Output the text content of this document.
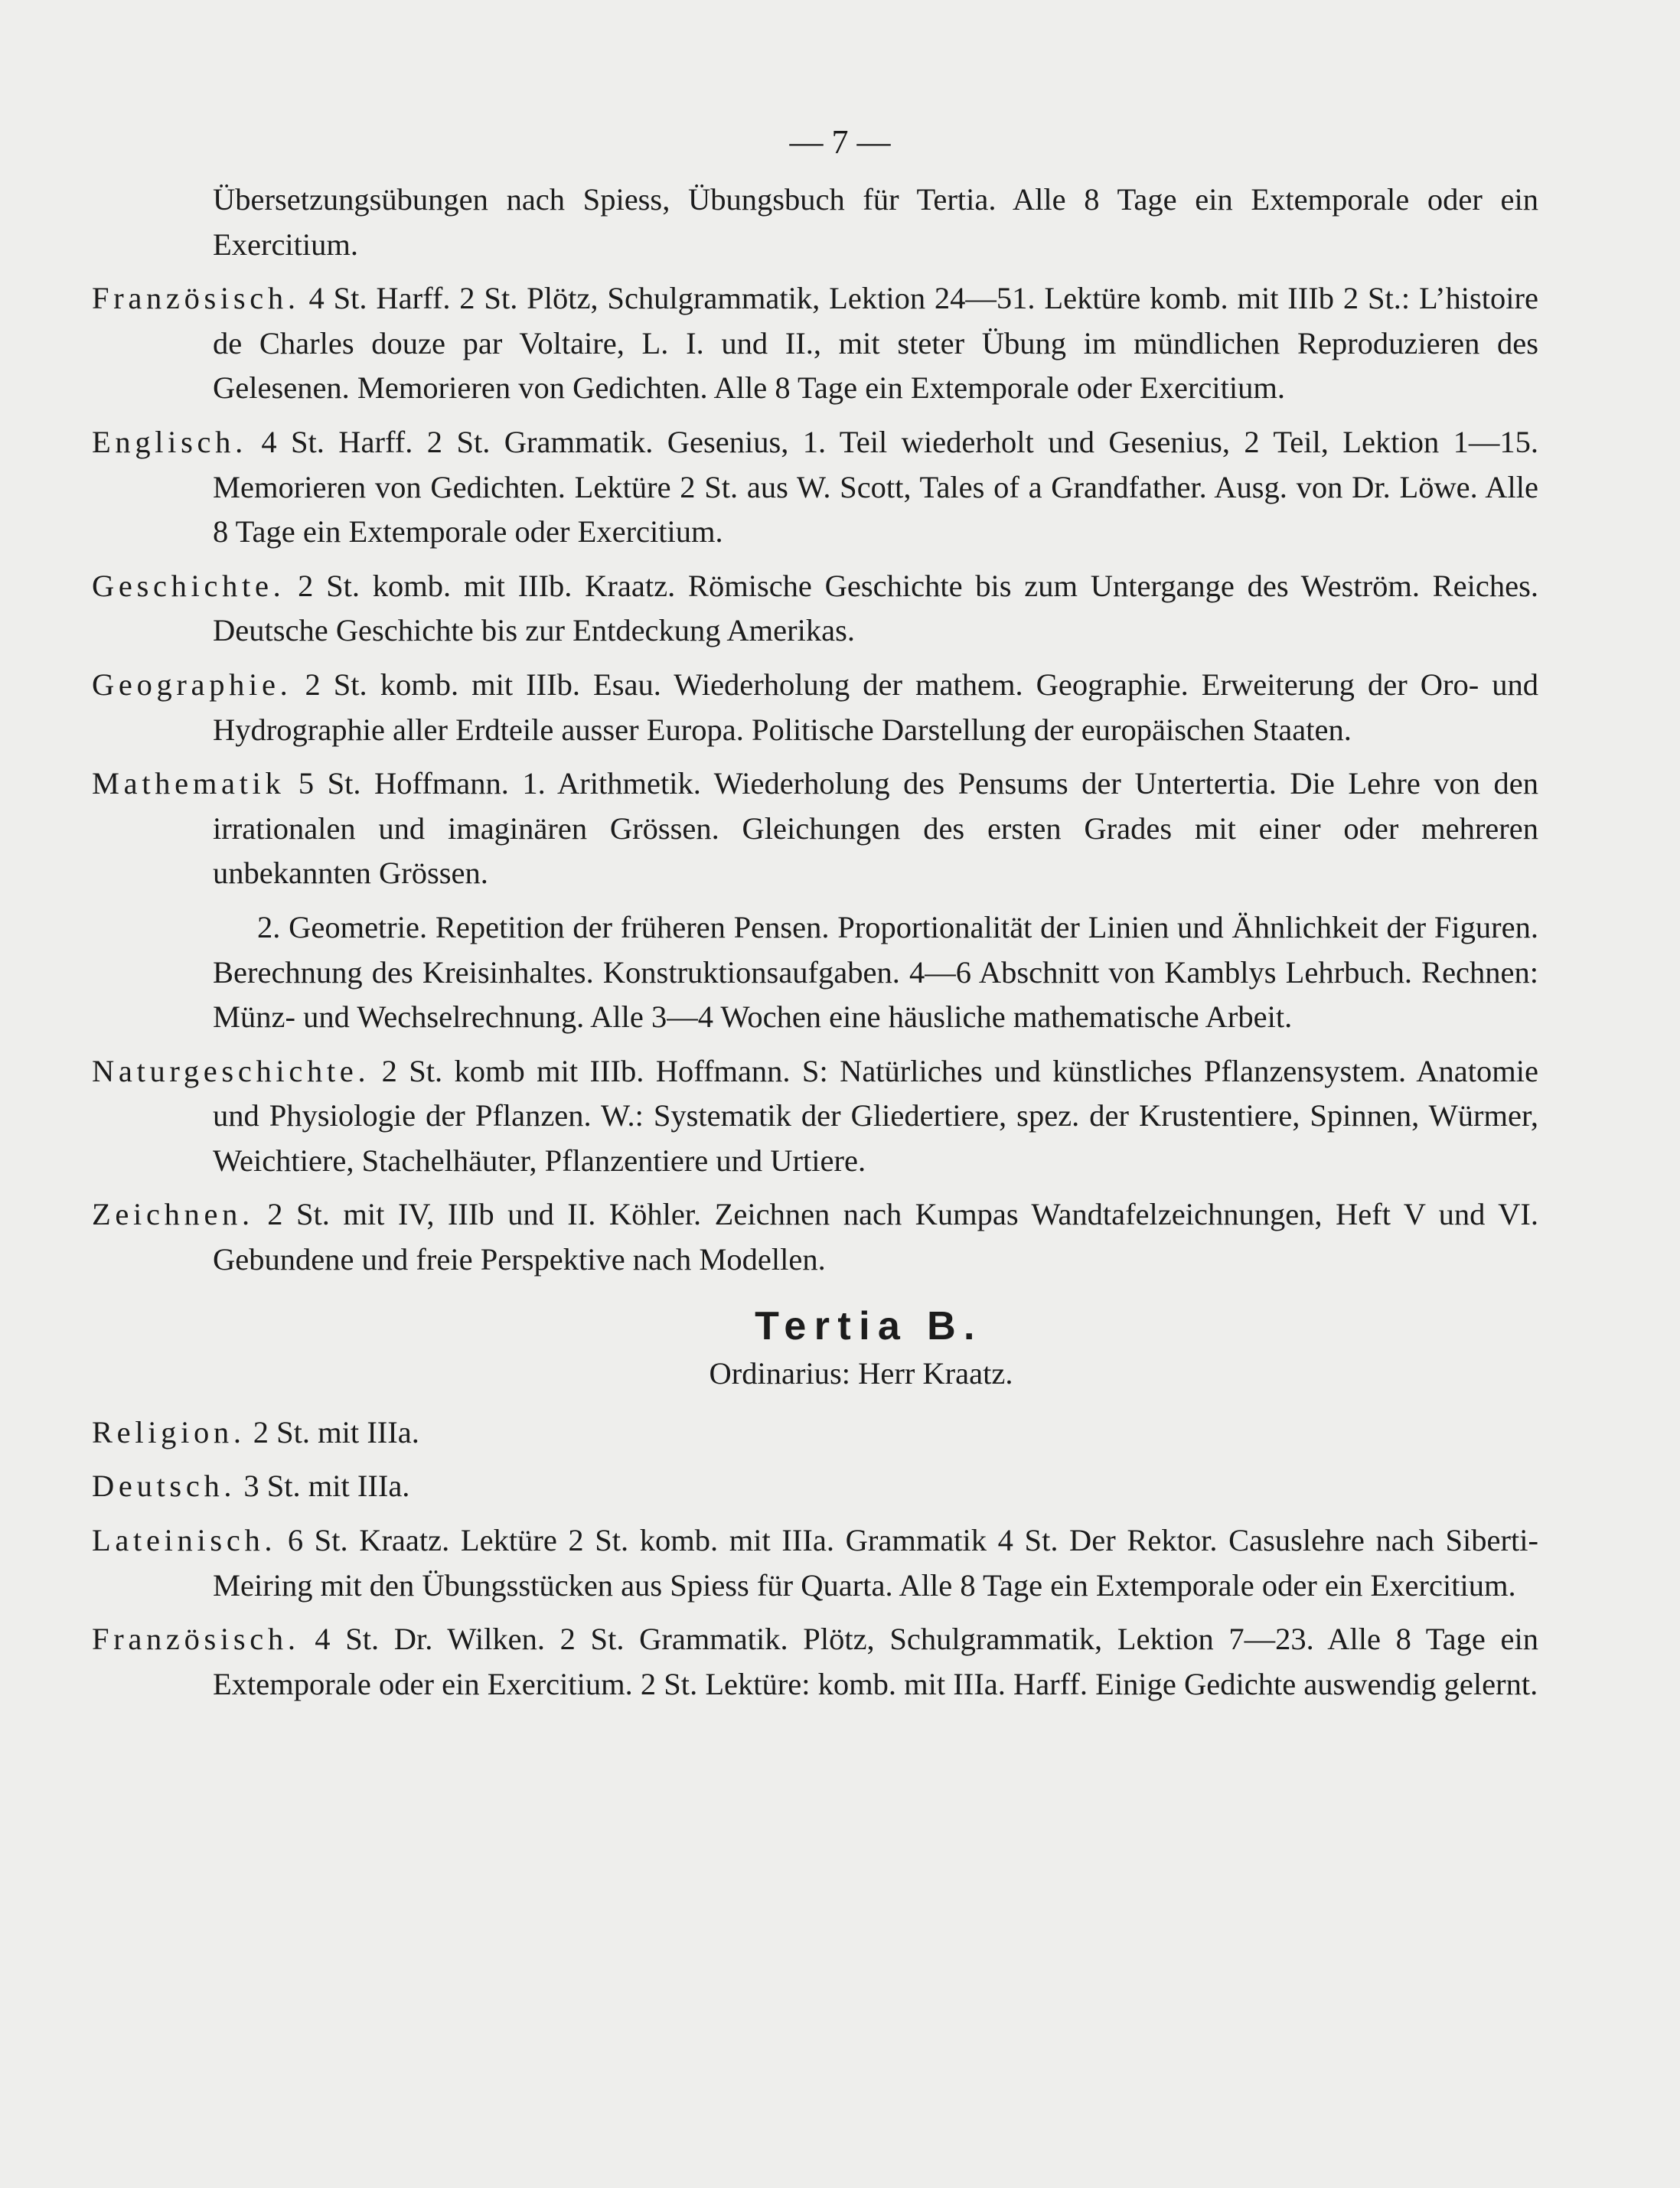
— 7 —

Übersetzungsübungen nach Spiess, Übungsbuch für Tertia. Alle 8 Tage ein Extemporale oder ein Exercitium.

Französisch. 4 St. Harff. 2 St. Plötz, Schulgrammatik, Lektion 24—51. Lektüre komb. mit IIIb 2 St.: L’histoire de Charles douze par Voltaire, L. I. und II., mit steter Übung im mündlichen Reproduzieren des Gelesenen. Memorieren von Gedichten. Alle 8 Tage ein Extemporale oder Exercitium.

Englisch. 4 St. Harff. 2 St. Grammatik. Gesenius, 1. Teil wiederholt und Gesenius, 2 Teil, Lektion 1—15. Memorieren von Gedichten. Lektüre 2 St. aus W. Scott, Tales of a Grandfather. Ausg. von Dr. Löwe. Alle 8 Tage ein Extemporale oder Exercitium.

Geschichte. 2 St. komb. mit IIIb. Kraatz. Römische Geschichte bis zum Untergange des Weström. Reiches. Deutsche Geschichte bis zur Entdeckung Amerikas.

Geographie. 2 St. komb. mit IIIb. Esau. Wiederholung der mathem. Geographie. Erweiterung der Oro- und Hydrographie aller Erdteile ausser Europa. Politische Darstellung der europäischen Staaten.

Mathematik 5 St. Hoffmann. 1. Arithmetik. Wiederholung des Pensums der Untertertia. Die Lehre von den irrationalen und imaginären Grössen. Gleichungen des ersten Grades mit einer oder mehreren unbekannten Grössen.

2. Geometrie. Repetition der früheren Pensen. Proportionalität der Linien und Ähnlichkeit der Figuren. Berechnung des Kreisinhaltes. Konstruktionsaufgaben. 4—6 Abschnitt von Kamblys Lehrbuch. Rechnen: Münz- und Wechselrechnung. Alle 3—4 Wochen eine häusliche mathematische Arbeit.

Naturgeschichte. 2 St. komb mit IIIb. Hoffmann. S: Natürliches und künstliches Pflanzensystem. Anatomie und Physiologie der Pflanzen. W.: Systematik der Gliedertiere, spez. der Krustentiere, Spinnen, Würmer, Weichtiere, Stachelhäuter, Pflanzentiere und Urtiere.

Zeichnen. 2 St. mit IV, IIIb und II. Köhler. Zeichnen nach Kumpas Wandtafelzeichnungen, Heft V und VI. Gebundene und freie Perspektive nach Modellen.

Tertia B.
Ordinarius: Herr Kraatz.

Religion. 2 St. mit IIIa.

Deutsch. 3 St. mit IIIa.

Lateinisch. 6 St. Kraatz. Lektüre 2 St. komb. mit IIIa. Grammatik 4 St. Der Rektor. Casuslehre nach Siberti-Meiring mit den Übungsstücken aus Spiess für Quarta. Alle 8 Tage ein Extemporale oder ein Exercitium.

Französisch. 4 St. Dr. Wilken. 2 St. Grammatik. Plötz, Schulgrammatik, Lektion 7—23. Alle 8 Tage ein Extemporale oder ein Exercitium. 2 St. Lektüre: komb. mit IIIa. Harff. Einige Gedichte auswendig gelernt.
